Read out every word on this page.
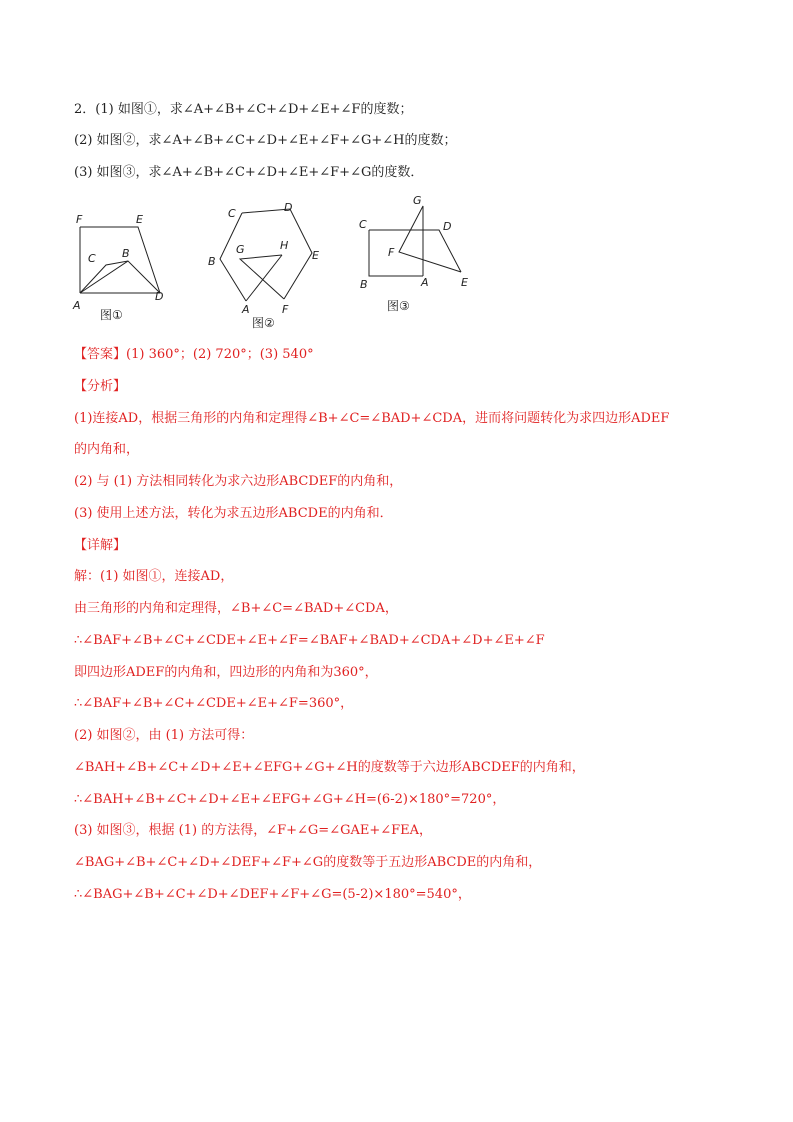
2．(1) 如图①，求∠A+∠B+∠C+∠D+∠E+∠F的度数；
(2) 如图②，求∠A+∠B+∠C+∠D+∠E+∠F+∠G+∠H的度数；
(3) 如图③，求∠A+∠B+∠C+∠D+∠E+∠F+∠G的度数．
F	E
C B
A
D
图①
C	D
G	H
B	E
A	F
图②
G
C	D
F
B	A	E
图③
【答案】(1) 360°；(2) 720°；(3) 540°
【分析】
(1)连接AD，根据三角形的内角和定理得∠B+∠C=∠BAD+∠CDA，进而将问题转化为求四边形ADEF
的内角和，
(2) 与 (1) 方法相同转化为求六边形ABCDEF的内角和，
(3) 使用上述方法，转化为求五边形ABCDE的内角和．
【详解】
解：(1) 如图①，连接AD，
由三角形的内角和定理得，∠B+∠C=∠BAD+∠CDA，
∴∠BAF+∠B+∠C+∠CDE+∠E+∠F=∠BAF+∠BAD+∠CDA+∠D+∠E+∠F
即四边形ADEF的内角和，四边形的内角和为360°，
∴∠BAF+∠B+∠C+∠CDE+∠E+∠F=360°，
(2) 如图②，由 (1) 方法可得：
∠BAH+∠B+∠C+∠D+∠E+∠EFG+∠G+∠H的度数等于六边形ABCDEF的内角和，
∴∠BAH+∠B+∠C+∠D+∠E+∠EFG+∠G+∠H=(6-2)×180°=720°，
(3) 如图③，根据 (1) 的方法得，∠F+∠G=∠GAE+∠FEA，
∠BAG+∠B+∠C+∠D+∠DEF+∠F+∠G的度数等于五边形ABCDE的内角和，
∴∠BAG+∠B+∠C+∠D+∠DEF+∠F+∠G=(5-2)×180°=540°，
